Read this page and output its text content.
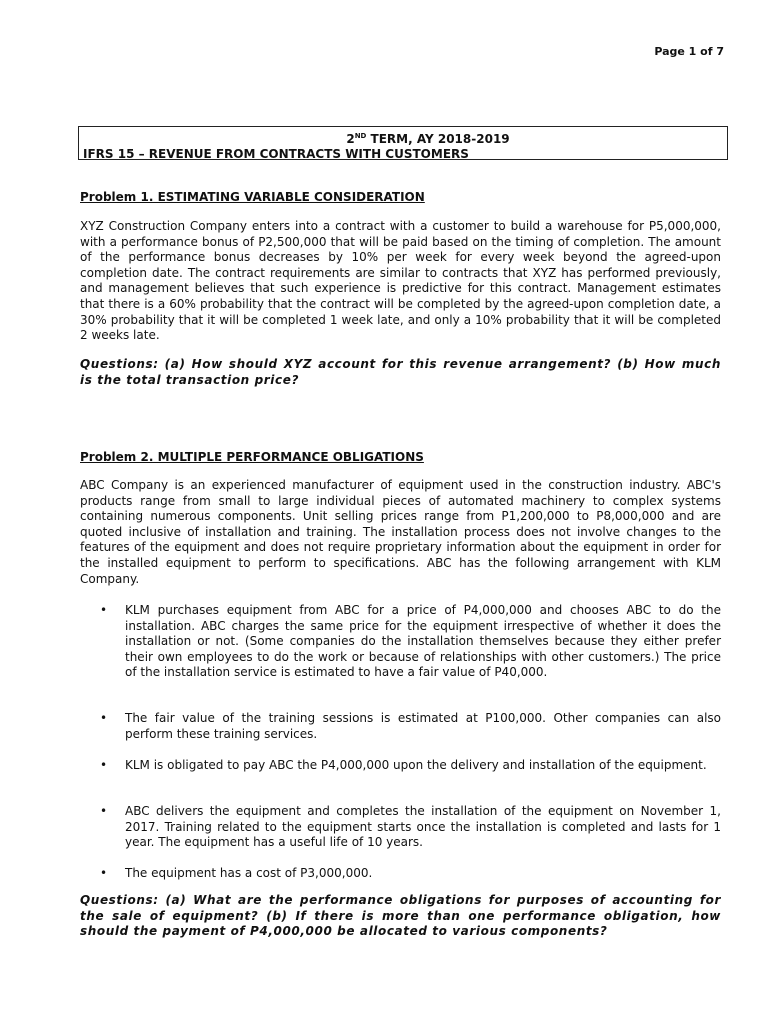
Page 1 of 7
2ND TERM, AY 2018-2019
IFRS 15 – REVENUE FROM CONTRACTS WITH CUSTOMERS
Problem 1. ESTIMATING VARIABLE CONSIDERATION

XYZ Construction Company enters into a contract with a customer to build a warehouse for P5,000,000, with a performance bonus of P2,500,000 that will be paid based on the timing of completion. The amount of the performance bonus decreases by 10% per week for every week beyond the agreed-upon completion date. The contract requirements are similar to contracts that XYZ has performed previously, and management believes that such experience is predictive for this contract. Management estimates that there is a 60% probability that the contract will be completed by the agreed-upon completion date, a 30% probability that it will be completed 1 week late, and only a 10% probability that it will be completed 2 weeks late.

Questions: (a) How should XYZ account for this revenue arrangement? (b) How much is the total transaction price?

Problem 2. MULTIPLE PERFORMANCE OBLIGATIONS

ABC Company is an experienced manufacturer of equipment used in the construction industry. ABC's products range from small to large individual pieces of automated machinery to complex systems containing numerous components. Unit selling prices range from P1,200,000 to P8,000,000 and are quoted inclusive of installation and training. The installation process does not involve changes to the features of the equipment and does not require proprietary information about the equipment in order for the installed equipment to perform to specifications. ABC has the following arrangement with KLM Company.

• KLM purchases equipment from ABC for a price of P4,000,000 and chooses ABC to do the installation. ABC charges the same price for the equipment irrespective of whether it does the installation or not. (Some companies do the installation themselves because they either prefer their own employees to do the work or because of relationships with other customers.) The price of the installation service is estimated to have a fair value of P40,000.
• The fair value of the training sessions is estimated at P100,000. Other companies can also perform these training services.
• KLM is obligated to pay ABC the P4,000,000 upon the delivery and installation of the equipment.
• ABC delivers the equipment and completes the installation of the equipment on November 1, 2017. Training related to the equipment starts once the installation is completed and lasts for 1 year. The equipment has a useful life of 10 years.
• The equipment has a cost of P3,000,000.

Questions: (a) What are the performance obligations for purposes of accounting for the sale of equipment? (b) If there is more than one performance obligation, how should the payment of P4,000,000 be allocated to various components?
